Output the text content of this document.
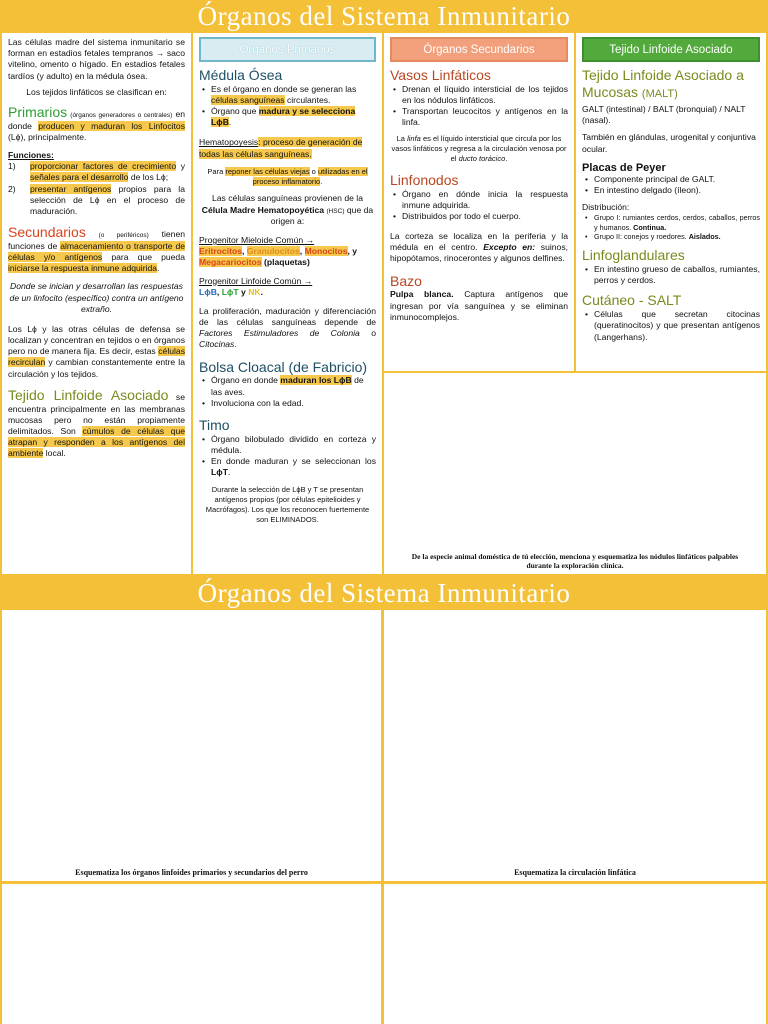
Órganos del Sistema Inmunitario

Las células madre del sistema inmunitario se forman en estadios fetales tempranos → saco vitelino, omento o hígado. En estadios fetales tardíos (y adulto) en la médula ósea.

Los tejidos linfáticos se clasifican en:

Primarios (órganos generadores o centrales) en donde producen y maduran los Linfocitos (Lϕ), principalmente.

Funciones:

1) proporcionar factores de crecimiento y señales para el desarrollo de los Lϕ;
2) presentar antígenos propios para la selección de Lϕ en el proceso de maduración.

Secundarios (o periféricos) tienen funciones de almacenamiento o transporte de células y/o antígenos para que pueda iniciarse la respuesta inmune adquirida.

Donde se inician y desarrollan las respuestas de un linfocito (específico) contra un antígeno extraño.

Los Lϕ y las otras células de defensa se localizan y concentran en tejidos o en órganos pero no de manera fija. Es decir, estas células recirculan y cambian constantemente entre la circulación y los tejidos.

Tejido Linfoide Asociado se encuentra principalmente en las membranas mucosas pero no están propiamente delimitados. Son cúmulos de células que atrapan y responden a los antígenos del ambiente local.

Órganos Primarios

Médula Ósea

• Es el órgano en donde se generan las células sanguíneas circulantes.
• Órgano que madura y se selecciona LϕB.

Hematopoyesis: proceso de generación de todas las células sanguíneas.

Para reponer las células viejas o utilizadas en el proceso inflamatorio.

Las células sanguíneas provienen de la Célula Madre Hematopoyética (HSC) que da origen a:

Progenitor Mieloide Común →

Eritrocitos, Granulocitos, Monocitos, y Megacariocitos (plaquetas)

Progenitor Linfoide Común →

LϕB, LϕT y NK.

La proliferación, maduración y diferenciación de las células sanguíneas depende de Factores Estimuladores de Colonia o Citocinas.

Bolsa Cloacal (de Fabricio)

• Órgano en donde maduran los LϕB de las aves.
• Involuciona con la edad.

Timo

• Órgano bilobulado dividido en corteza y médula.
• En donde maduran y se seleccionan los LϕT.

Durante la selección de LϕB y T se presentan antígenos propios (por células epitelioides y Macrófagos). Los que los reconocen fuertemente son ELIMINADOS.

Órganos Secundarios

Vasos Linfáticos

• Drenan el líquido intersticial de los tejidos en los nódulos linfáticos.
• Transportan leucocitos y antígenos en la linfa.

La linfa es el líquido intersticial que circula por los vasos linfáticos y regresa a la circulación venosa por el ducto torácico.

Linfonodos

• Órgano en dónde inicia la respuesta inmune adquirida.
• Distribuidos por todo el cuerpo.

La corteza se localiza en la periferia y la médula en el centro. Excepto en: suinos, hipopótamos, rinocerontes y algunos delfines.

Bazo

Pulpa blanca. Captura antígenos que ingresan por vía sanguínea y se eliminan inmunocomplejos.

De la especie animal doméstica de tú elección, menciona y esquematiza los nódulos linfáticos palpables durante la exploración clínica.

Tejido Linfoide Asociado

Tejido Linfoide Asociado a Mucosas (MALT)

GALT (intestinal) / BALT (bronquial) / NALT (nasal).

También en glándulas, urogenital y conjuntiva ocular.

Placas de Peyer

• Componente principal de GALT.
• En intestino delgado (íleon).

Distribución:

• Grupo I: rumiantes cerdos, cerdos, caballos, perros y humanos. Continua.
• Grupo II: conejos y roedores. Aislados.

Linfoglandulares

• En intestino grueso de caballos, rumiantes, perros y cerdos.

Cutáneo - SALT

• Células que secretan citocinas (queratinocitos) y que presentan antígenos (Langerhans).
Órganos del Sistema Inmunitario

Esquematiza los órganos linfoides primarios y secundarios del perro	Esquematiza la circulación linfática
